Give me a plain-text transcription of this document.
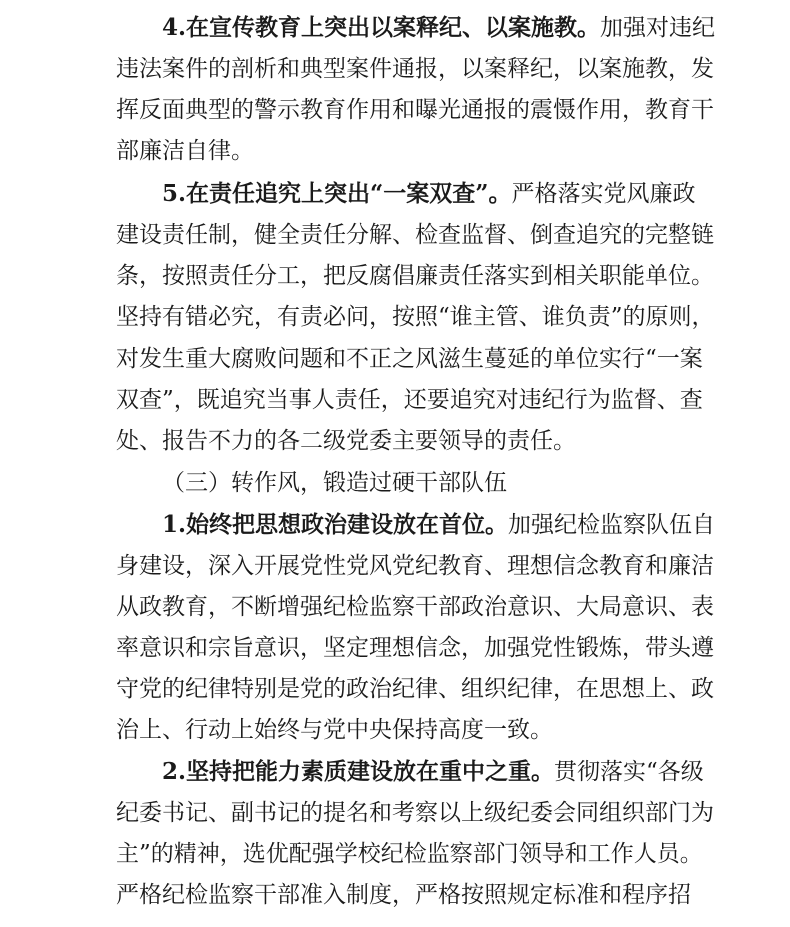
4.在宣传教育上突出以案释纪、以案施教。加强对违纪
违法案件的剖析和典型案件通报，以案释纪，以案施教，发
挥反面典型的警示教育作用和曝光通报的震慑作用，教育干
部廉洁自律。
5.在责任追究上突出“一案双查”。严格落实党风廉政
建设责任制，健全责任分解、检查监督、倒查追究的完整链
条，按照责任分工，把反腐倡廉责任落实到相关职能单位。
坚持有错必究，有责必问，按照“谁主管、谁负责”的原则，
对发生重大腐败问题和不正之风滋生蔓延的单位实行“一案
双查”，既追究当事人责任，还要追究对违纪行为监督、查
处、报告不力的各二级党委主要领导的责任。
（三）转作风，锻造过硬干部队伍
1.始终把思想政治建设放在首位。加强纪检监察队伍自
身建设，深入开展党性党风党纪教育、理想信念教育和廉洁
从政教育，不断增强纪检监察干部政治意识、大局意识、表
率意识和宗旨意识，坚定理想信念，加强党性锻炼，带头遵
守党的纪律特别是党的政治纪律、组织纪律，在思想上、政
治上、行动上始终与党中央保持高度一致。
2.坚持把能力素质建设放在重中之重。贯彻落实“各级
纪委书记、副书记的提名和考察以上级纪委会同组织部门为
主”的精神，选优配强学校纪检监察部门领导和工作人员。
严格纪检监察干部准入制度，严格按照规定标准和程序招
